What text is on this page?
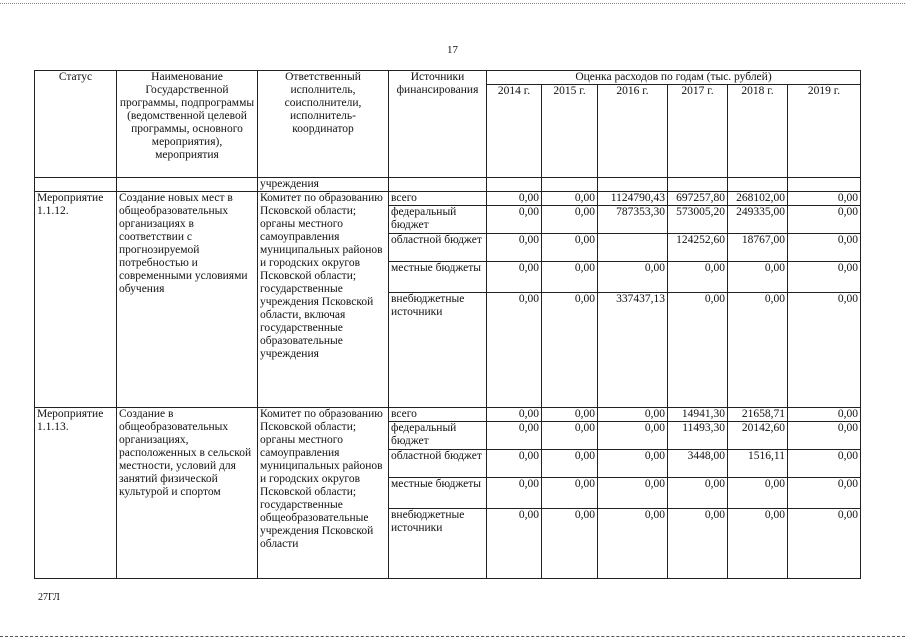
17
Статус	Наименование Государственной программы, подпрограммы (ведомственной целевой программы, основного мероприятия), мероприятия	Ответственный исполнитель, соисполнители, исполнитель-координатор	Источники финансирования	Оценка расходов по годам (тыс. рублей)					
				2014 г.	2015 г.	2016 г.	2017 г.	2018 г.	2019 г.
		учреждения							
Мероприятие 1.1.12.	Создание новых мест в общеобразовательных организациях в соответствии с прогнозируемой потребностью и современными условиями обучения	Комитет по образованию Псковской области; органы местного самоуправления муниципальных районов и городских округов Псковской области; государственные учреждения Псковской области, включая государственные образовательные учреждения	всего	0,00	0,00	1124790,43	697257,80	268102,00	0,00
			федеральный бюджет	0,00	0,00	787353,30	573005,20	249335,00	0,00
			областной бюджет	0,00	0,00		124252,60	18767,00	0,00
			местные бюджеты	0,00	0,00	0,00	0,00	0,00	0,00
			внебюджетные источники	0,00	0,00	337437,13	0,00	0,00	0,00
Мероприятие 1.1.13.	Создание в общеобразовательных организациях, расположенных в сельской местности, условий для занятий физической культурой и спортом	Комитет по образованию Псковской области; органы местного самоуправления муниципальных районов и городских округов Псковской области; государственные общеобразовательные учреждения Псковской области	всего	0,00	0,00	0,00	14941,30	21658,71	0,00
			федеральный бюджет	0,00	0,00	0,00	11493,30	20142,60	0,00
			областной бюджет	0,00	0,00	0,00	3448,00	1516,11	0,00
			местные бюджеты	0,00	0,00	0,00	0,00	0,00	0,00
			внебюджетные источники	0,00	0,00	0,00	0,00	0,00	0,00
27ГЛ
